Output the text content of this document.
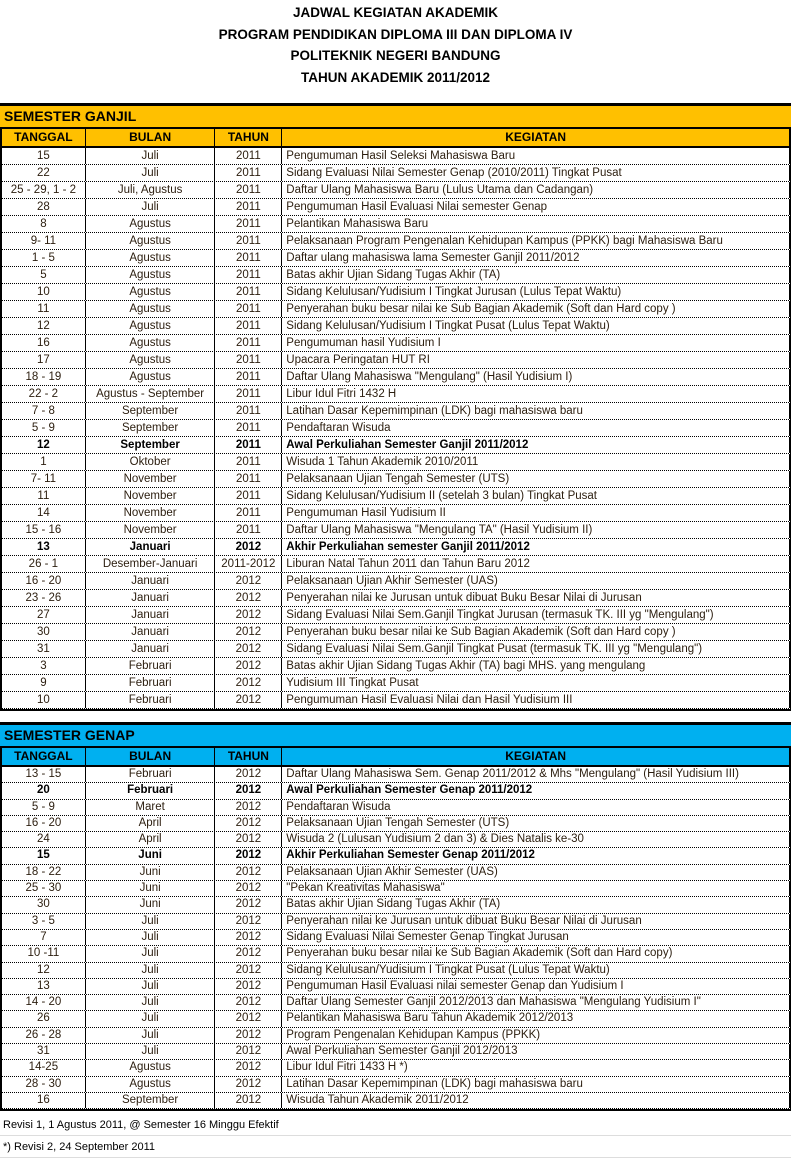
JADWAL KEGIATAN AKADEMIK
PROGRAM PENDIDIKAN DIPLOMA III DAN DIPLOMA IV
POLITEKNIK NEGERI BANDUNG
TAHUN AKADEMIK 2011/2012
SEMESTER GANJIL
TANGGAL	BULAN	TAHUN	KEGIATAN
15	Juli	2011	Pengumuman Hasil Seleksi Mahasiswa Baru
22	Juli	2011	Sidang Evaluasi Nilai Semester Genap (2010/2011) Tingkat Pusat
25 - 29, 1 - 2	Juli, Agustus	2011	Daftar Ulang Mahasiswa Baru (Lulus Utama dan Cadangan)
28	Juli	2011	Pengumuman Hasil Evaluasi Nilai semester Genap
8	Agustus	2011	Pelantikan Mahasiswa Baru
9- 11	Agustus	2011	Pelaksanaan Program Pengenalan Kehidupan Kampus (PPKK) bagi Mahasiswa Baru
1 - 5	Agustus	2011	Daftar ulang mahasiswa lama Semester Ganjil 2011/2012
5	Agustus	2011	Batas akhir Ujian Sidang Tugas Akhir (TA)
10	Agustus	2011	Sidang Kelulusan/Yudisium I Tingkat Jurusan (Lulus Tepat Waktu)
11	Agustus	2011	Penyerahan buku besar nilai ke Sub Bagian Akademik (Soft dan Hard copy )
12	Agustus	2011	Sidang Kelulusan/Yudisium I Tingkat Pusat (Lulus Tepat Waktu)
16	Agustus	2011	Pengumuman hasil Yudisium I
17	Agustus	2011	Upacara Peringatan HUT RI
18 - 19	Agustus	2011	Daftar Ulang Mahasiswa "Mengulang" (Hasil Yudisium I)
22 - 2	Agustus - September	2011	Libur Idul Fitri 1432 H
7 - 8	September	2011	Latihan Dasar Kepemimpinan (LDK) bagi mahasiswa baru
5 - 9	September	2011	Pendaftaran Wisuda
12	September	2011	Awal Perkuliahan Semester Ganjil 2011/2012
1	Oktober	2011	Wisuda 1 Tahun Akademik 2010/2011
7- 11	November	2011	Pelaksanaan Ujian Tengah Semester (UTS)
11	November	2011	Sidang Kelulusan/Yudisium II (setelah 3 bulan) Tingkat Pusat
14	November	2011	Pengumuman Hasil Yudisium II
15 - 16	November	2011	Daftar Ulang Mahasiswa "Mengulang TA" (Hasil Yudisium II)
13	Januari	2012	Akhir Perkuliahan semester Ganjil 2011/2012
26 - 1	Desember-Januari	2011-2012 Liburan Natal Tahun 2011 dan Tahun Baru 2012
16 - 20	Januari	2012	Pelaksanaan Ujian Akhir Semester (UAS)
23 - 26	Januari	2012	Penyerahan nilai ke Jurusan untuk dibuat Buku Besar Nilai di Jurusan
27	Januari	2012	Sidang Evaluasi Nilai Sem.Ganjil Tingkat Jurusan (termasuk TK. III yg "Mengulang")
30	Januari	2012	Penyerahan buku besar nilai ke Sub Bagian Akademik (Soft dan Hard copy )
31	Januari	2012	Sidang Evaluasi Nilai Sem.Ganjil Tingkat Pusat (termasuk TK. III yg "Mengulang")
3	Februari	2012	Batas akhir Ujian Sidang Tugas Akhir (TA) bagi MHS. yang mengulang
9	Februari	2012	Yudisium III Tingkat Pusat
10	Februari	2012	Pengumuman Hasil Evaluasi Nilai dan Hasil Yudisium III
SEMESTER GENAP
TANGGAL	BULAN	TAHUN	KEGIATAN
13 - 15	Februari	2012	Daftar Ulang Mahasiswa Sem. Genap 2011/2012 & Mhs "Mengulang" (Hasil Yudisium III)
20	Februari	2012	Awal Perkuliahan Semester Genap 2011/2012
5 - 9	Maret	2012	Pendaftaran Wisuda
16 - 20	April	2012	Pelaksanaan Ujian Tengah Semester (UTS)
24	April	2012	Wisuda 2 (Lulusan Yudisium 2 dan 3) & Dies Natalis ke-30
15	Juni	2012	Akhir Perkuliahan Semester Genap 2011/2012
18 - 22	Juni	2012	Pelaksanaan Ujian Akhir Semester (UAS)
25 - 30	Juni	2012	"Pekan Kreativitas Mahasiswa"
30	Juni	2012	Batas akhir Ujian Sidang Tugas Akhir (TA)
3 - 5	Juli	2012	Penyerahan nilai ke Jurusan untuk dibuat Buku Besar Nilai di Jurusan
7	Juli	2012	Sidang Evaluasi Nilai Semester Genap Tingkat Jurusan
10 -11	Juli	2012	Penyerahan buku besar nilai ke Sub Bagian Akademik (Soft dan Hard copy)
12	Juli	2012	Sidang Kelulusan/Yudisium I Tingkat Pusat (Lulus Tepat Waktu)
13	Juli	2012	Pengumuman Hasil Evaluasi nilai semester Genap dan Yudisium I
14 - 20	Juli	2012	Daftar Ulang Semester Ganjil 2012/2013 dan Mahasiswa "Mengulang Yudisium I"
26	Juli	2012	Pelantikan Mahasiswa Baru Tahun Akademik 2012/2013
26 - 28	Juli	2012	Program Pengenalan Kehidupan Kampus (PPKK)
31	Juli	2012	Awal Perkuliahan Semester Ganjil 2012/2013
14-25	Agustus	2012	Libur Idul Fitri 1433 H *)
28 - 30	Agustus	2012	Latihan Dasar Kepemimpinan (LDK) bagi mahasiswa baru
16	September	2012	Wisuda Tahun Akademik 2011/2012
Revisi 1, 1 Agustus 2011, @ Semester 16 Minggu Efektif
*) Revisi 2, 24 September 2011
